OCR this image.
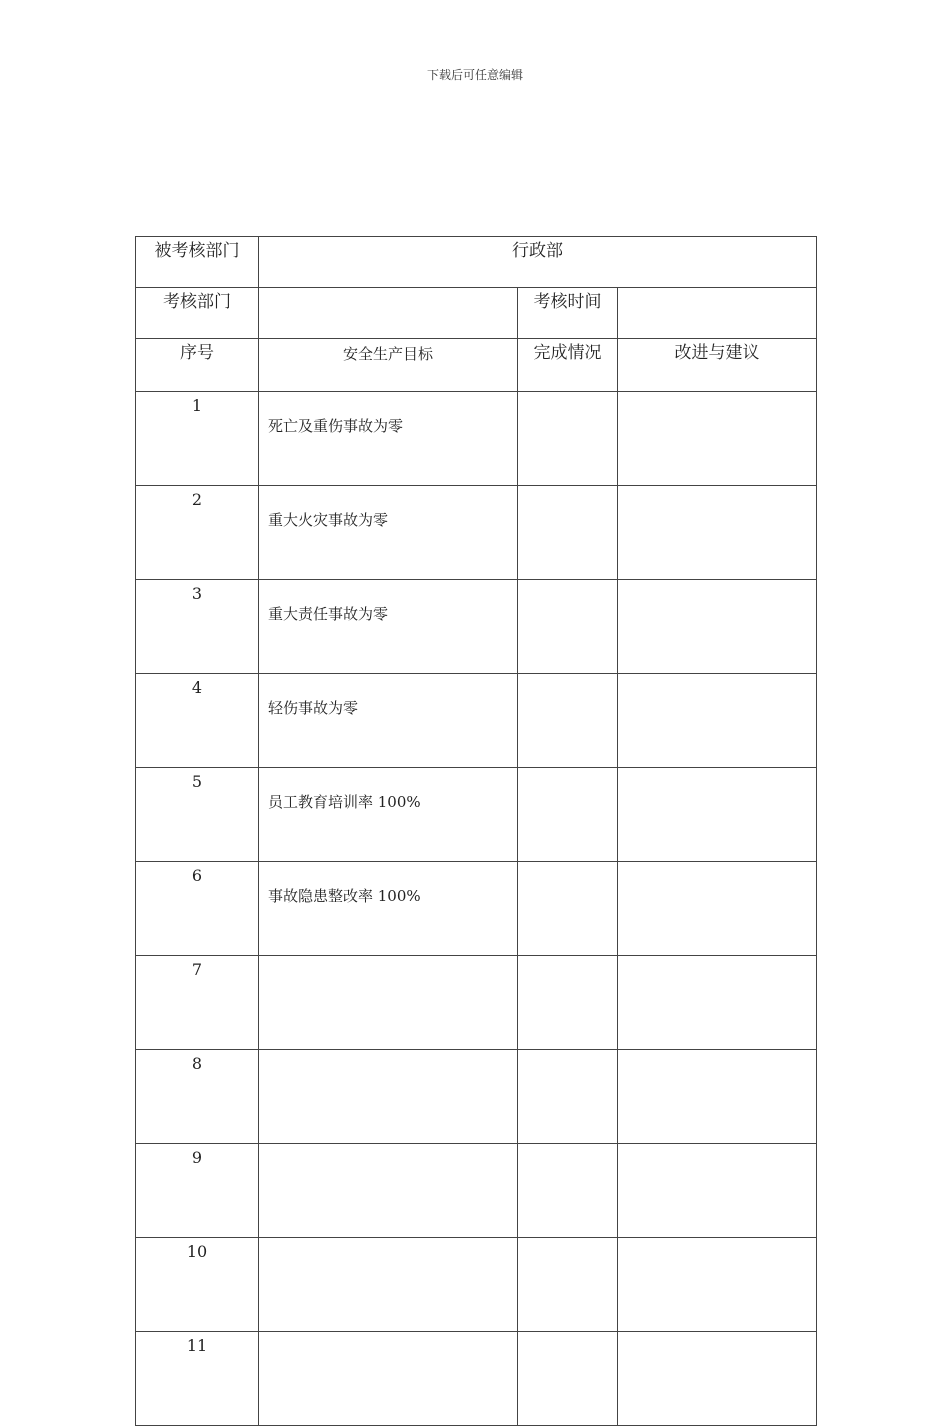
下载后可任意编辑
被考核部门	行政部		
考核部门		考核时间	
序号	安全生产目标	完成情况	改进与建议
1	死亡及重伤事故为零		
2	重大火灾事故为零		
3	重大责任事故为零		
4	轻伤事故为零		
5	员工教育培训率 100%		
6	事故隐患整改率 100%		
7			
8			
9			
10			
11			
